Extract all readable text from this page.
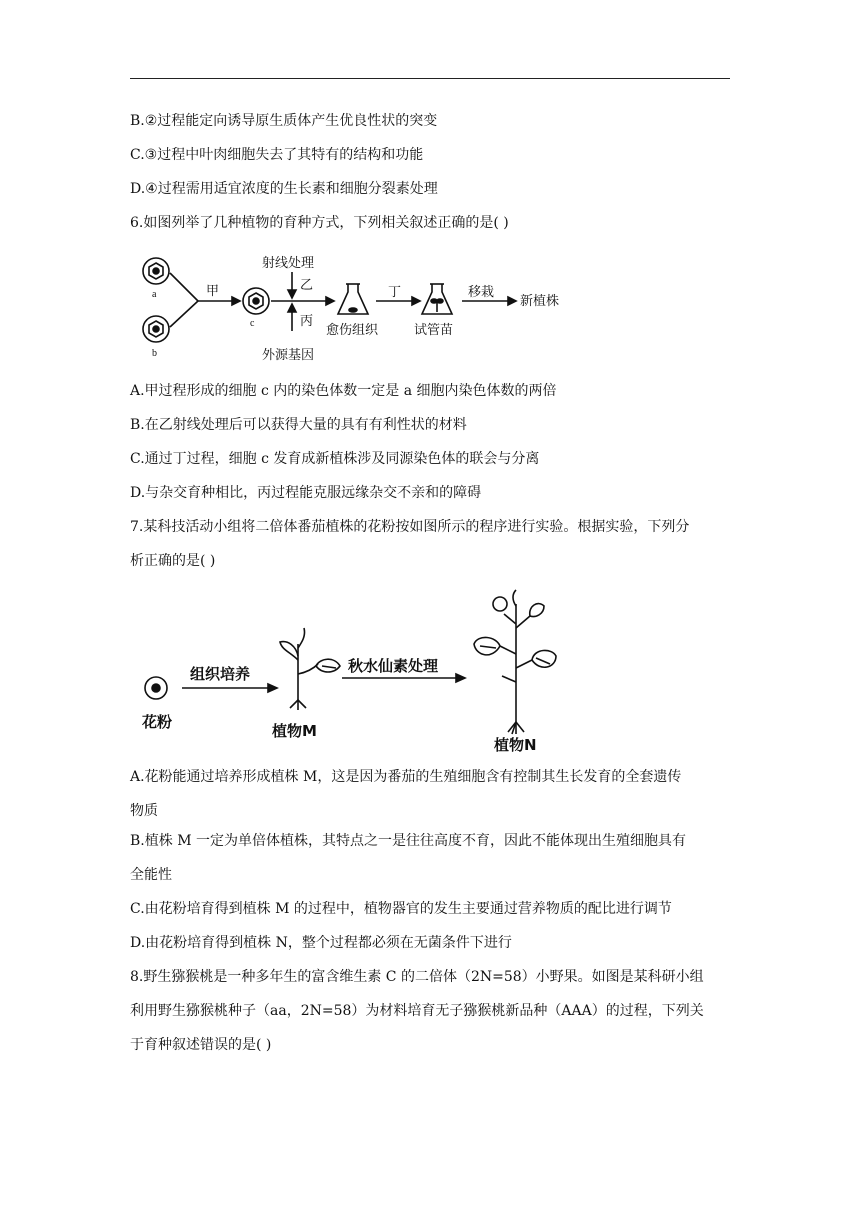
B.②过程能定向诱导原生质体产生优良性状的突变
C.③过程中叶肉细胞失去了其特有的结构和功能
D.④过程需用适宜浓度的生长素和细胞分裂素处理
6.如图列举了几种植物的育种方式，下列相关叙述正确的是( )
a
b
c
甲
射线处理
乙
丙
外源基因
愈伤组织
丁
试管苗
移栽
新植株
A.甲过程形成的细胞 c 内的染色体数一定是 a 细胞内染色体数的两倍
B.在乙射线处理后可以获得大量的具有有利性状的材料
C.通过丁过程，细胞 c 发育成新植株涉及同源染色体的联会与分离
D.与杂交育种相比，丙过程能克服远缘杂交不亲和的障碍
7.某科技活动小组将二倍体番茄植株的花粉按如图所示的程序进行实验。根据实验，下列分
析正确的是( )
花粉
组织培养
植物M
秋水仙素处理
植物N
A.花粉能通过培养形成植株 M，这是因为番茄的生殖细胞含有控制其生长发育的全套遗传
物质
B.植株 M 一定为单倍体植株，其特点之一是往往高度不育，因此不能体现出生殖细胞具有
全能性
C.由花粉培育得到植株 M 的过程中，植物器官的发生主要通过营养物质的配比进行调节
D.由花粉培育得到植株 N，整个过程都必须在无菌条件下进行
8.野生猕猴桃是一种多年生的富含维生素 C 的二倍体（2N=58）小野果。如图是某科研小组
利用野生猕猴桃种子（aa，2N=58）为材料培育无子猕猴桃新品种（AAA）的过程，下列关
于育种叙述错误的是( )
